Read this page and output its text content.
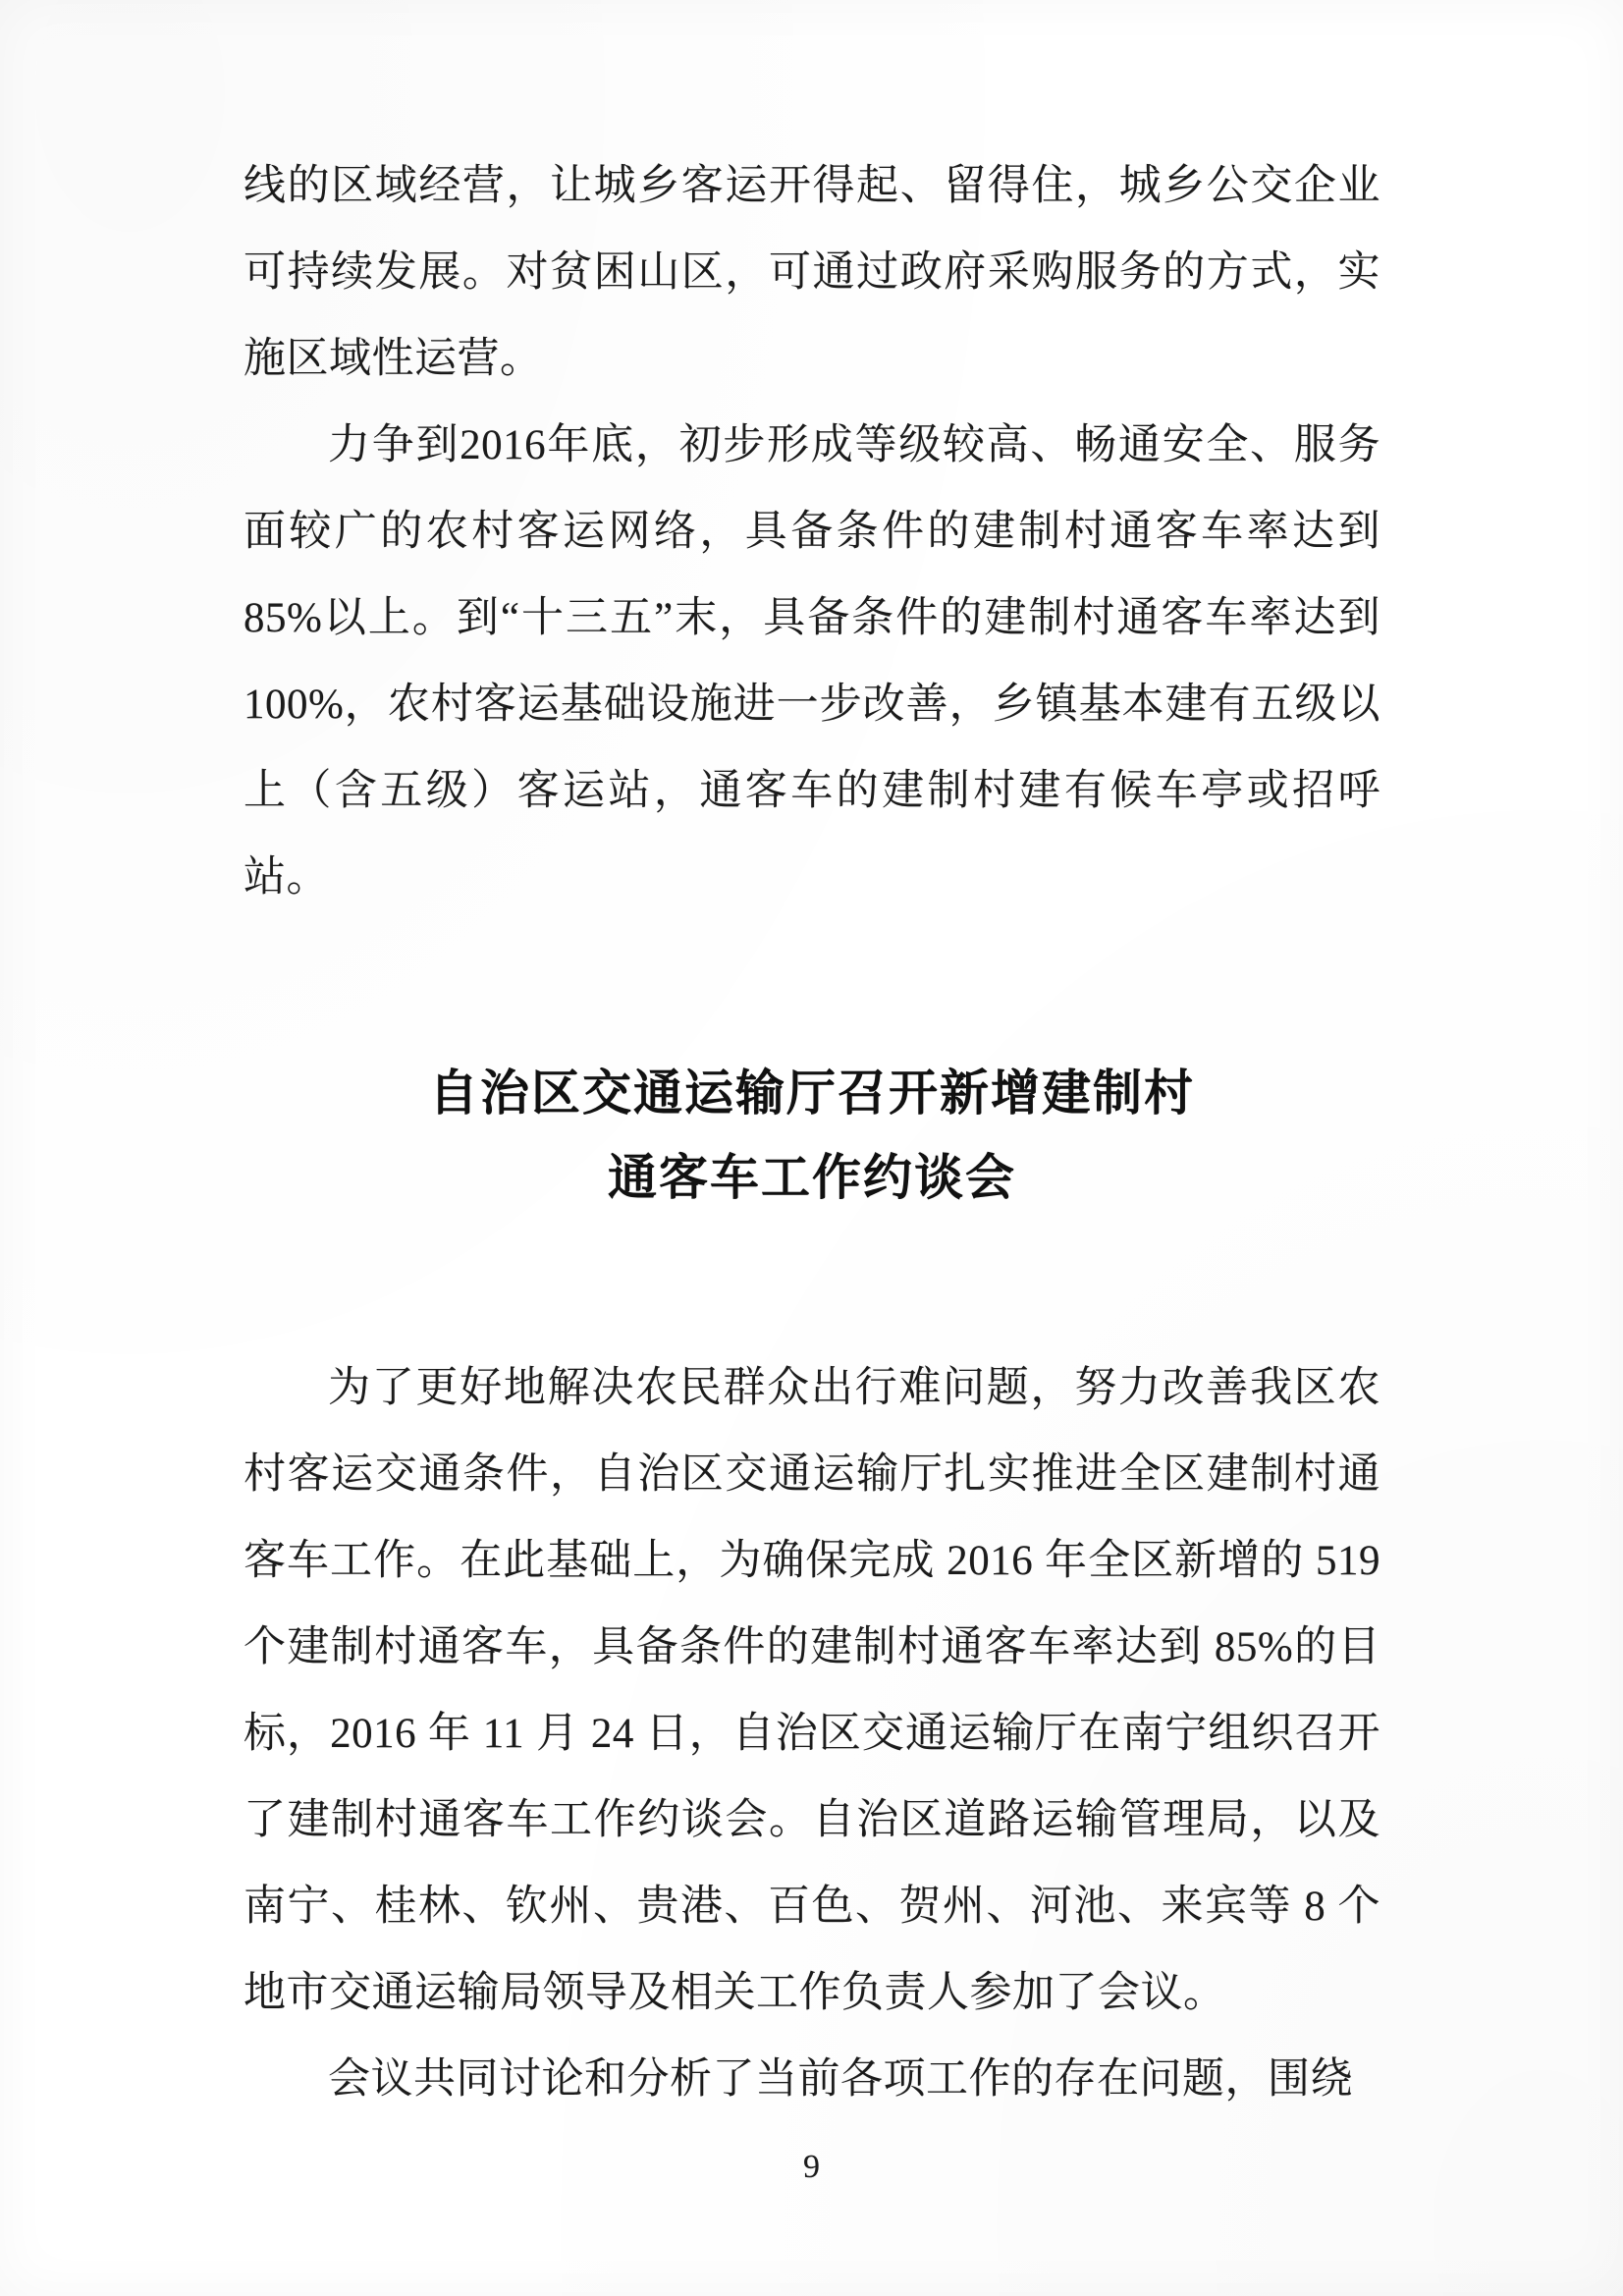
线的区域经营，让城乡客运开得起、留得住，城乡公交企业可持续发展。对贫困山区，可通过政府采购服务的方式，实施区域性运营。

力争到2016年底，初步形成等级较高、畅通安全、服务面较广的农村客运网络，具备条件的建制村通客车率达到85%以上。到“十三五”末，具备条件的建制村通客车率达到100%，农村客运基础设施进一步改善，乡镇基本建有五级以上（含五级）客运站，通客车的建制村建有候车亭或招呼站。

自治区交通运输厅召开新增建制村
通客车工作约谈会

为了更好地解决农民群众出行难问题，努力改善我区农村客运交通条件，自治区交通运输厅扎实推进全区建制村通客车工作。在此基础上，为确保完成 2016 年全区新增的 519 个建制村通客车，具备条件的建制村通客车率达到 85%的目标，2016 年 11 月 24 日，自治区交通运输厅在南宁组织召开了建制村通客车工作约谈会。自治区道路运输管理局，以及南宁、桂林、钦州、贵港、百色、贺州、河池、来宾等 8 个地市交通运输局领导及相关工作负责人参加了会议。

会议共同讨论和分析了当前各项工作的存在问题，围绕

9
